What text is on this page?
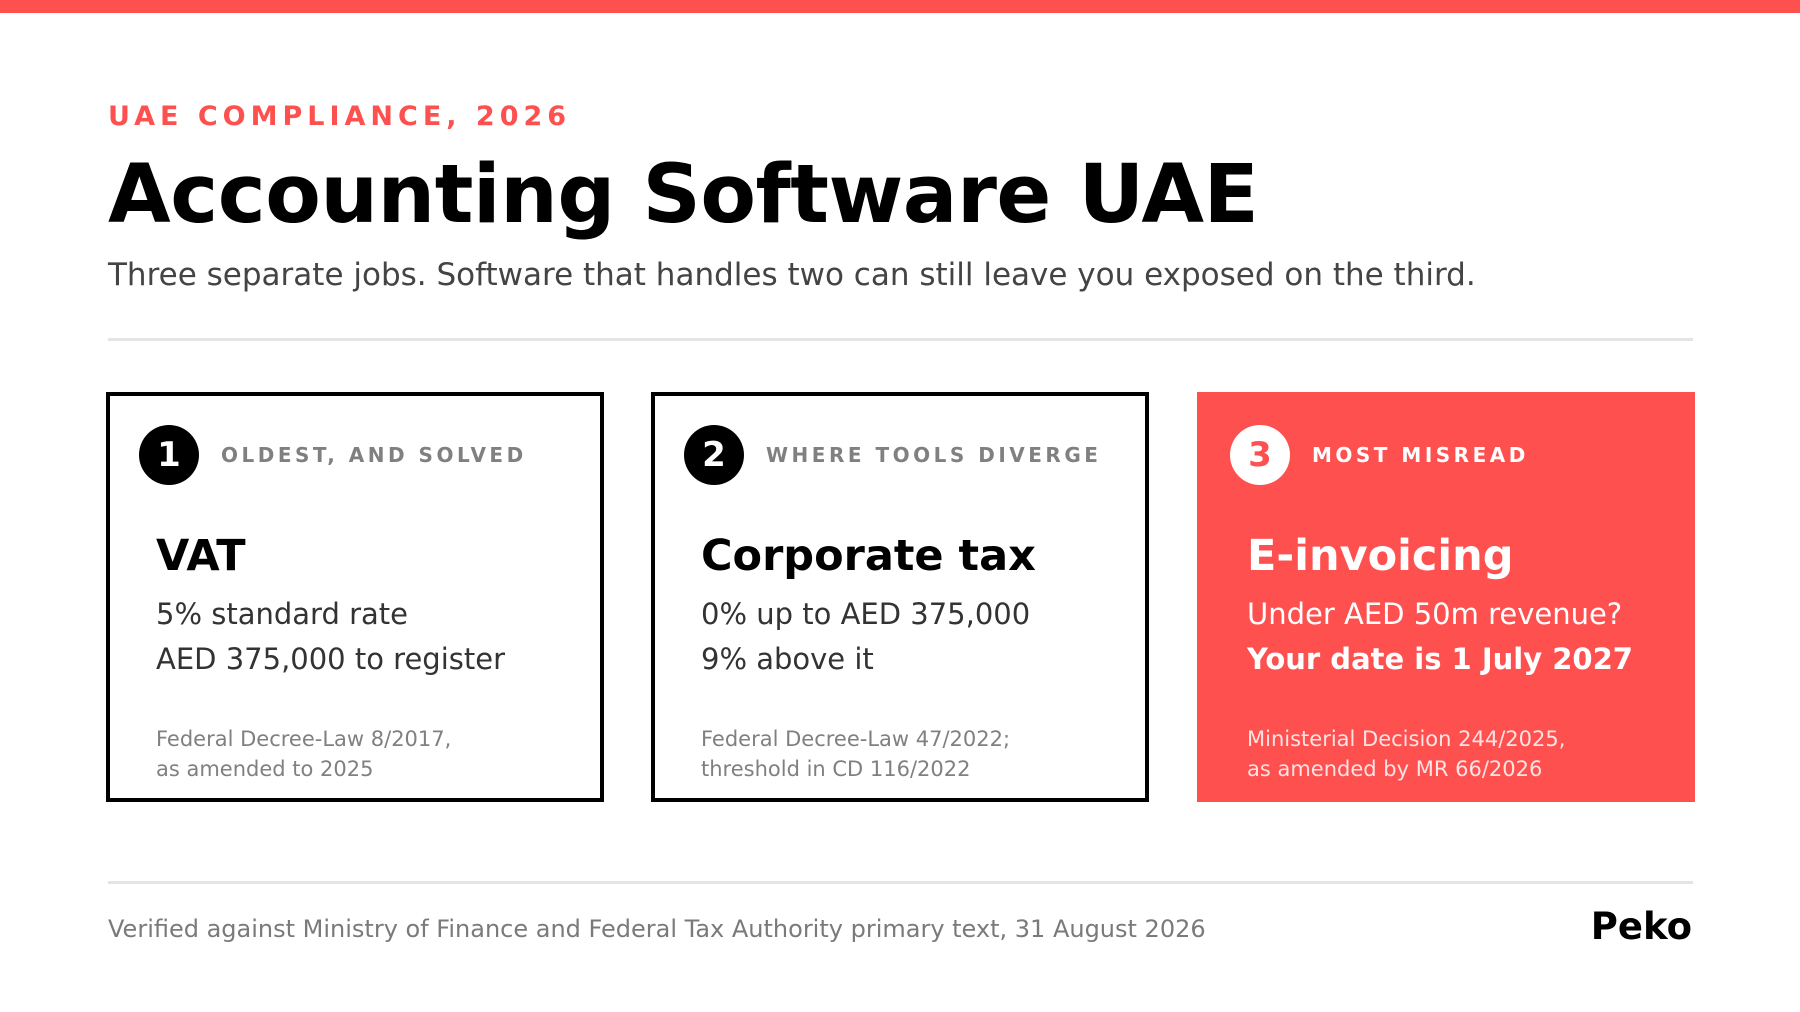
UAE COMPLIANCE, 2026
Accounting Software UAE
Three separate jobs. Software that handles two can still leave you exposed on the third.
1	OLDEST, AND SOLVED
VAT
5% standard rate
AED 375,000 to register
Federal Decree-Law 8/2017,
as amended to 2025
2	WHERE TOOLS DIVERGE
Corporate tax
0% up to AED 375,000
9% above it
Federal Decree-Law 47/2022;
threshold in CD 116/2022
3	MOST MISREAD
E-invoicing
Under AED 50m revenue?
Your date is 1 July 2027
Ministerial Decision 244/2025,
as amended by MR 66/2026
Verified against Ministry of Finance and Federal Tax Authority primary text, 31 August 2026	Peko
